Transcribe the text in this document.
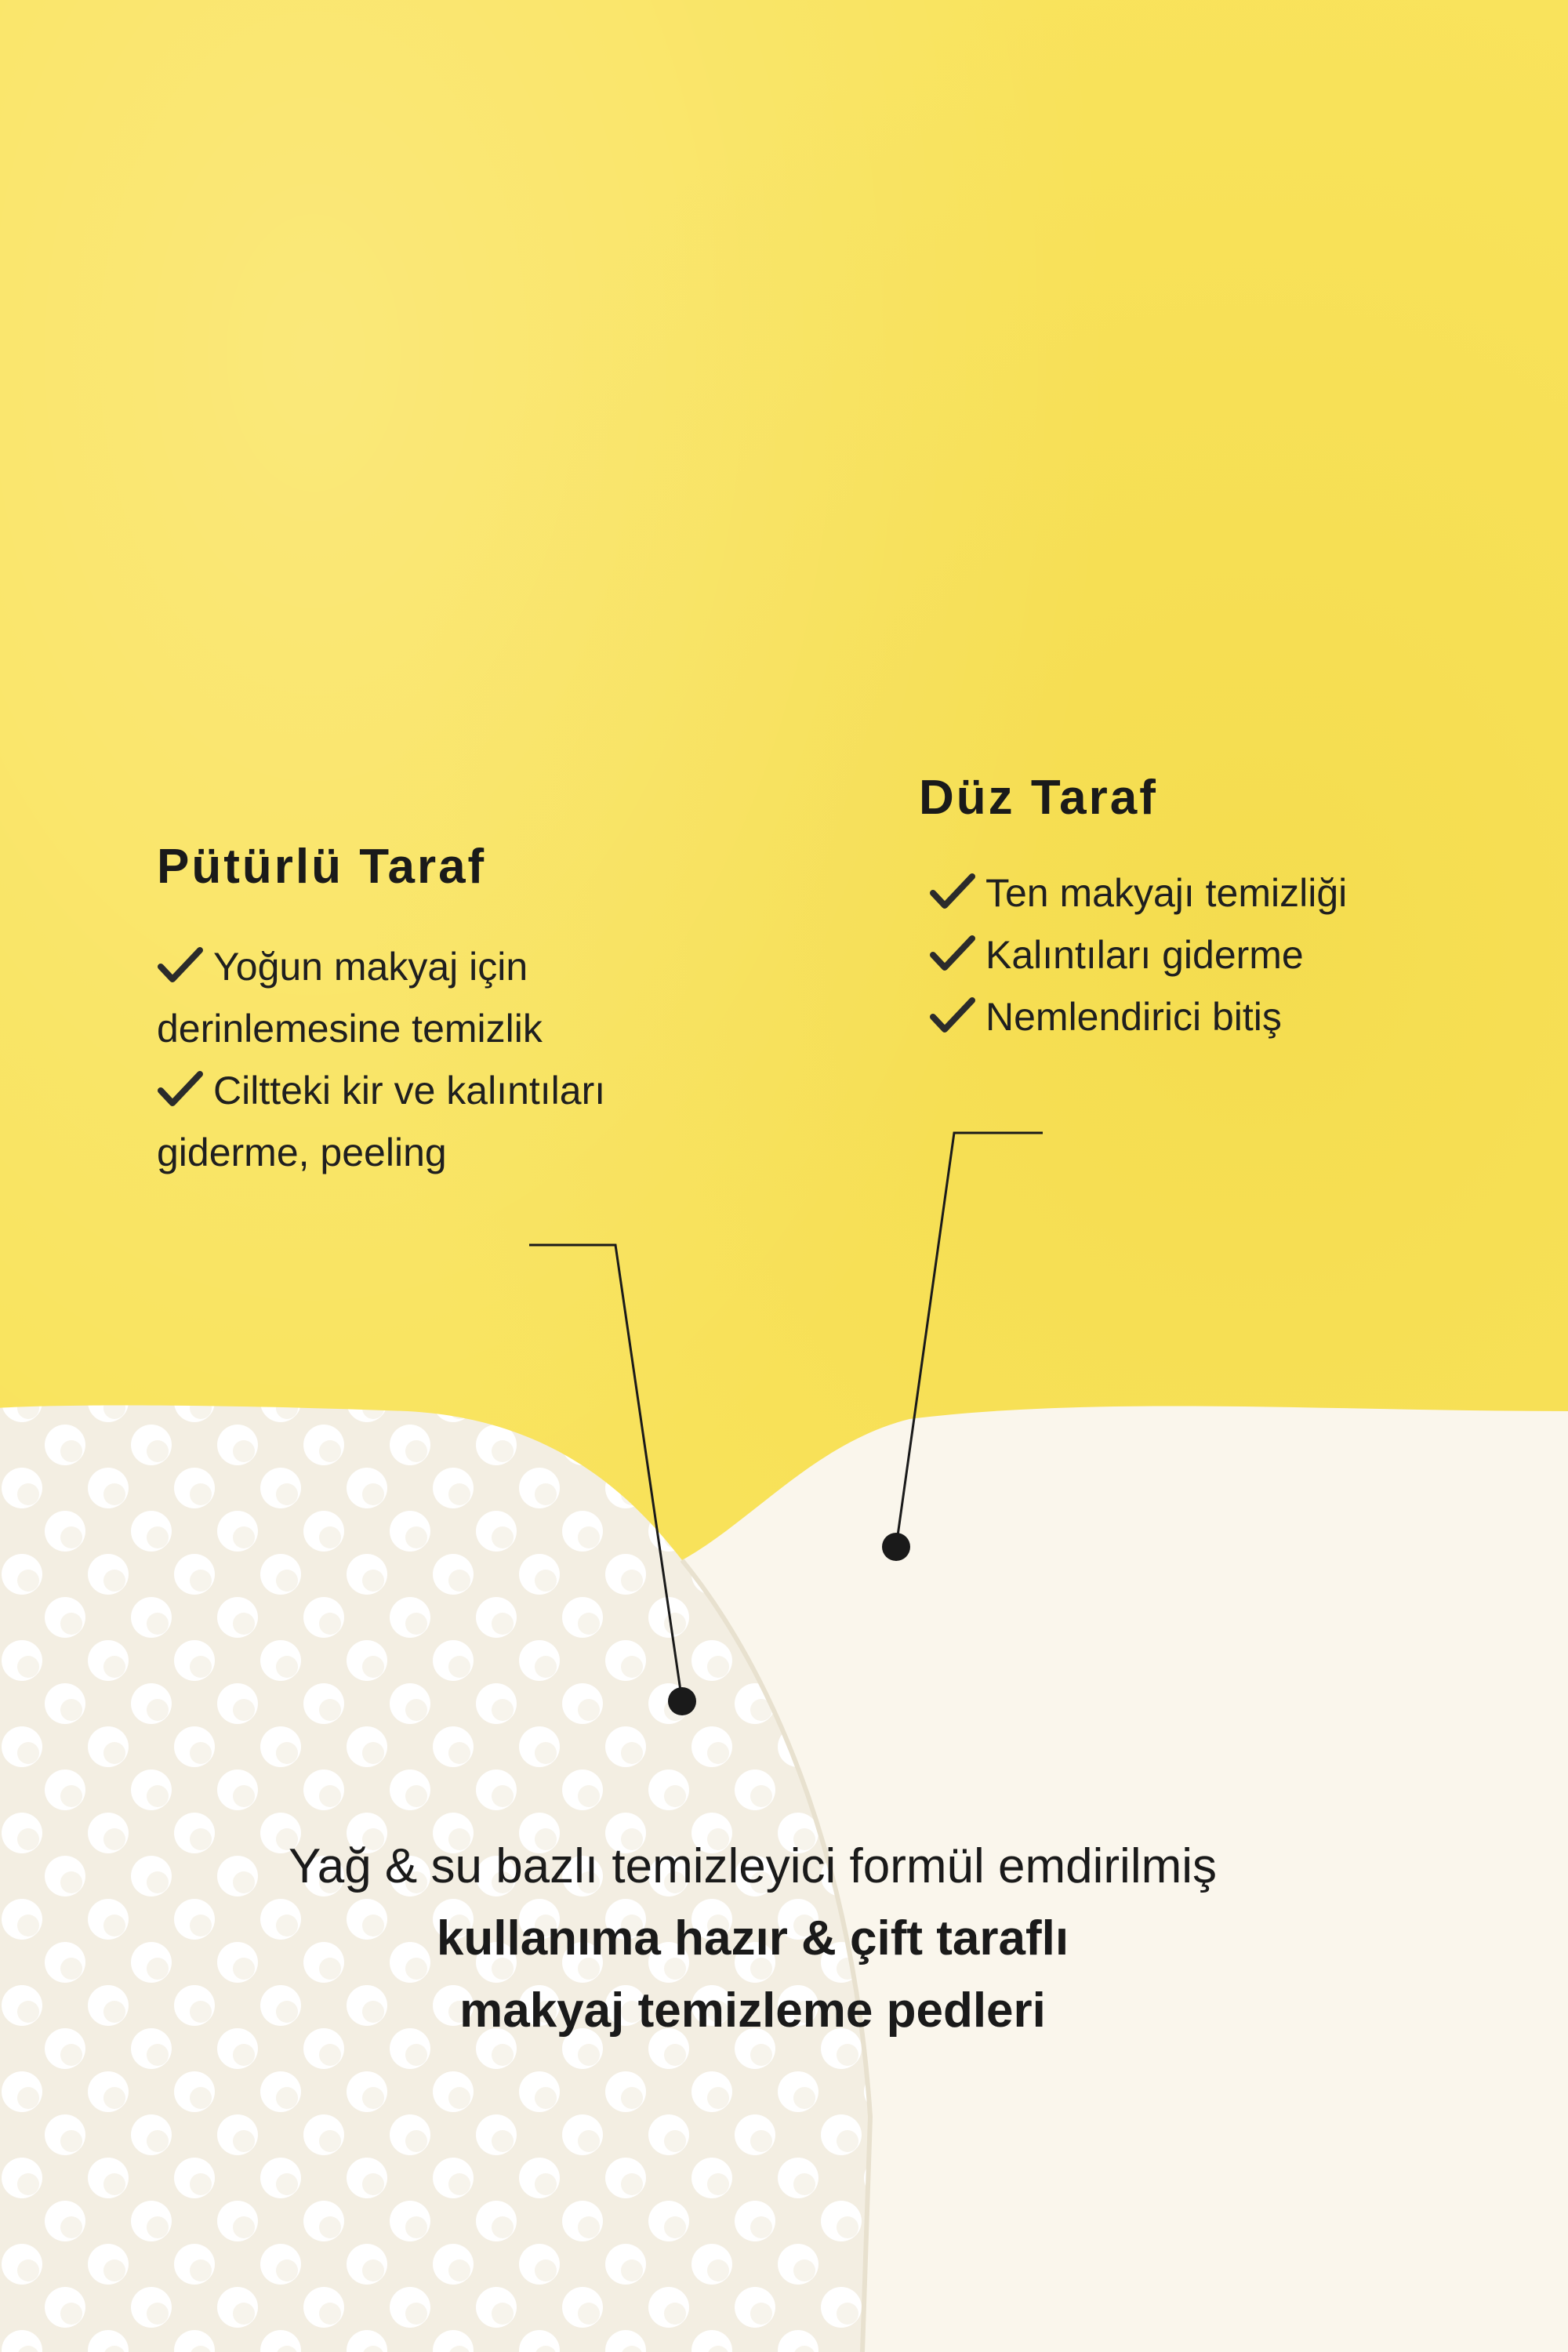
Pütürlü Taraf
Yoğun makyaj için derinlemesine temizlik
Ciltteki kir ve kalıntıları giderme, peeling
Düz Taraf
Ten makyajı temizliği
Kalıntıları giderme
Nemlendirici bitiş

Yağ & su bazlı temizleyici formül emdirilmiş
kullanıma hazır & çift taraflı
makyaj temizleme pedleri
